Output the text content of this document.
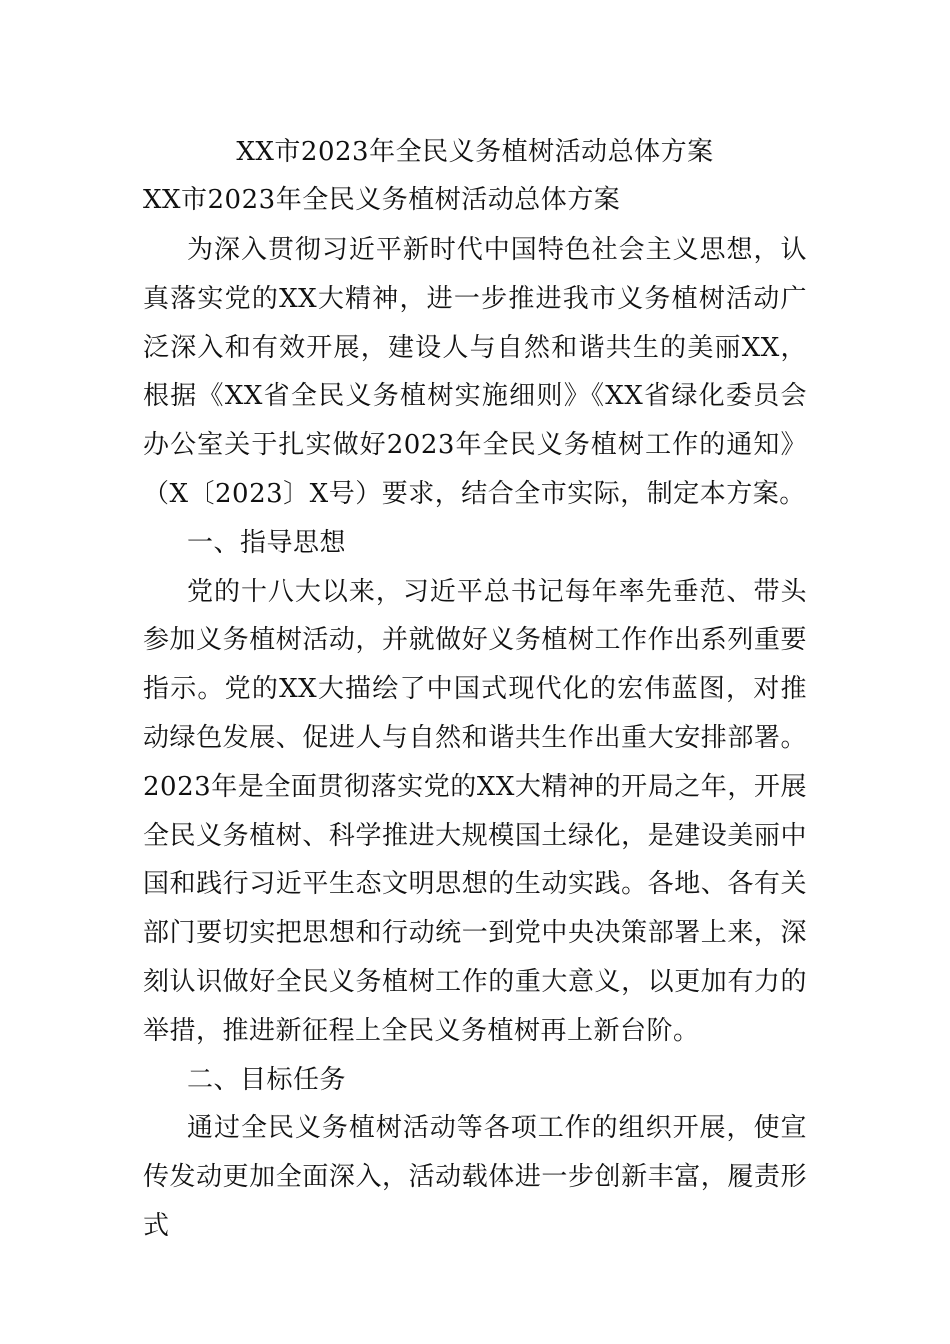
XX市2023年全民义务植树活动总体方案
XX市2023年全民义务植树活动总体方案

为深入贯彻习近平新时代中国特色社会主义思想，认真落实党的XX大精神，进一步推进我市义务植树活动广泛深入和有效开展，建设人与自然和谐共生的美丽XX，根据《XX省全民义务植树实施细则》《XX省绿化委员会办公室关于扎实做好2023年全民义务植树工作的通知》（X〔2023〕X号）要求，结合全市实际，制定本方案。

一、指导思想

党的十八大以来，习近平总书记每年率先垂范、带头参加义务植树活动，并就做好义务植树工作作出系列重要指示。党的XX大描绘了中国式现代化的宏伟蓝图，对推动绿色发展、促进人与自然和谐共生作出重大安排部署。2023年是全面贯彻落实党的XX大精神的开局之年，开展全民义务植树、科学推进大规模国土绿化，是建设美丽中国和践行习近平生态文明思想的生动实践。各地、各有关部门要切实把思想和行动统一到党中央决策部署上来，深刻认识做好全民义务植树工作的重大意义，以更加有力的举措，推进新征程上全民义务植树再上新台阶。

二、目标任务

通过全民义务植树活动等各项工作的组织开展，使宣传发动更加全面深入，活动载体进一步创新丰富，履责形式
